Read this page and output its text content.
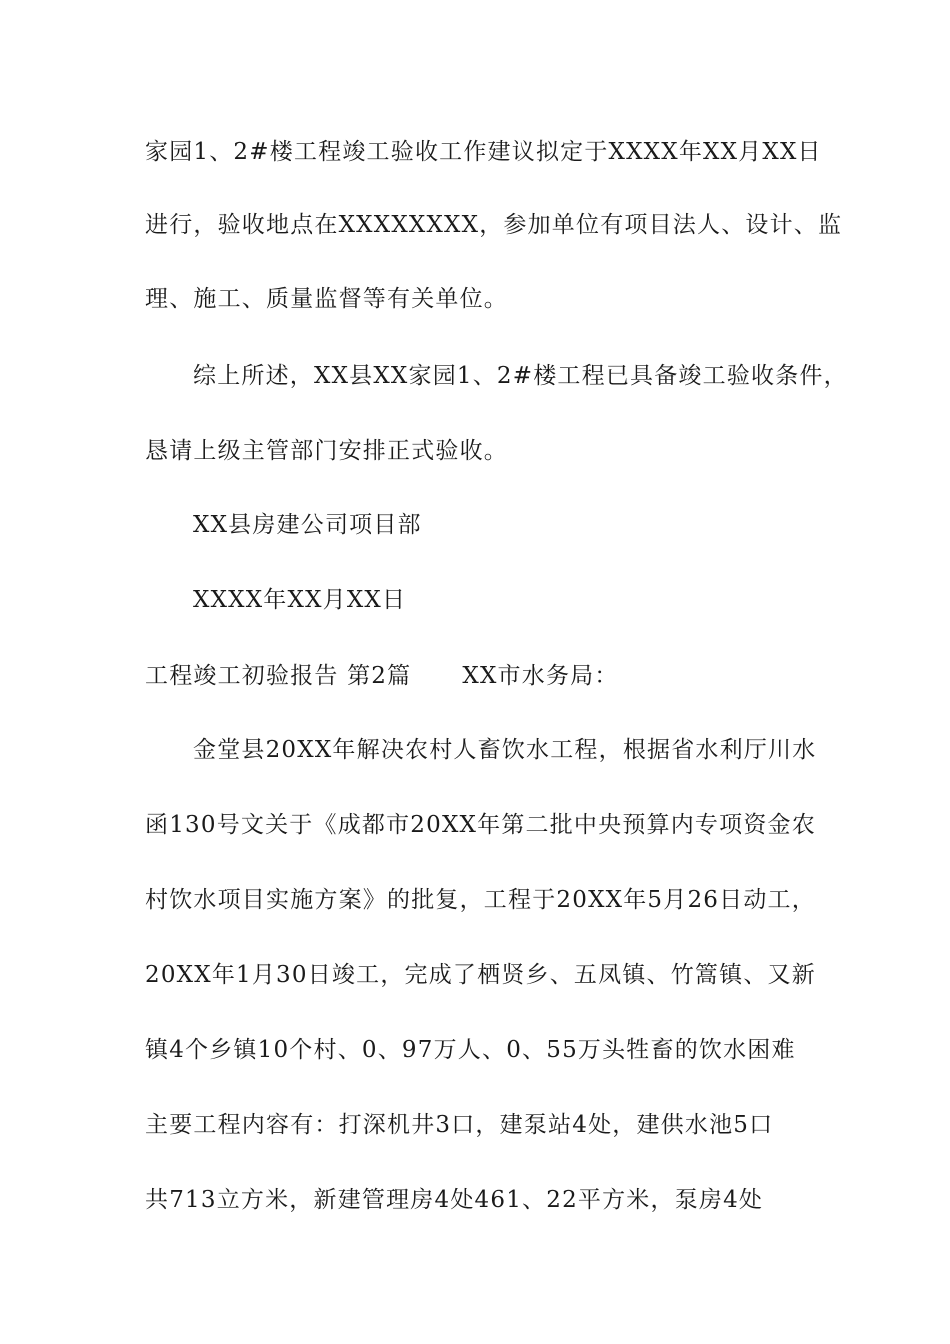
家园1、2#楼工程竣工验收工作建议拟定于XXXX年XX月XX日
进行，验收地点在XXXXXXXX，参加单位有项目法人、设计、监
理、施工、质量监督等有关单位。
综上所述，XX县XX家园1、2#楼工程已具备竣工验收条件，
恳请上级主管部门安排正式验收。
XX县房建公司项目部
XXXX年XX月XX日
工程竣工初验报告 第2篇      XX市水务局：
金堂县20XX年解决农村人畜饮水工程，根据省水利厅川水
函130号文关于《成都市20XX年第二批中央预算内专项资金农
村饮水项目实施方案》的批复，工程于20XX年5月26日动工，
20XX年1月30日竣工，完成了栖贤乡、五凤镇、竹篙镇、又新
镇4个乡镇10个村、0、97万人、0、55万头牲畜的饮水困难
主要工程内容有：打深机井3口，建泵站4处，建供水池5口
共713立方米，新建管理房4处461、22平方米，泵房4处
